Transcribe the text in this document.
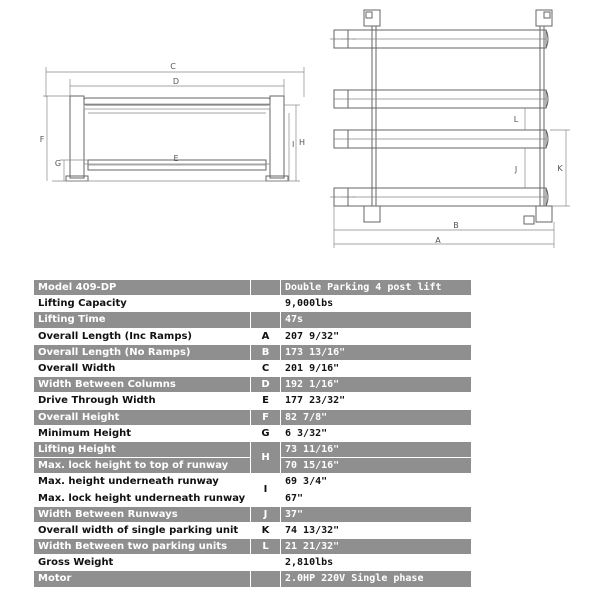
C
D
E
F
G
I H
L
J	K
B
A
Model 409-DP		Double Parking 4 post lift
Lifting Capacity		9,000lbs
Lifting Time		47s
Overall Length (Inc Ramps)	A	207 9/32"
Overall Length (No Ramps)	B	173 13/16"
Overall Width	C	201 9/16"
Width Between Columns	D	192 1/16"
Drive Through Width	E	177 23/32"
Overall Height	F	82 7/8"
Minimum Height	G	6 3/32"
Lifting Height	H	73 11/16"
Max. lock height to top of runway		70 15/16"
Max. height underneath runway	I	69 3/4"
Max. lock height underneath runway		67"
Width Between Runways	J	37"
Overall width of single parking unit	K	74 13/32"
Width Between two parking units	L	21 21/32"
Gross Weight		2,810lbs
Motor		2.0HP 220V Single phase
